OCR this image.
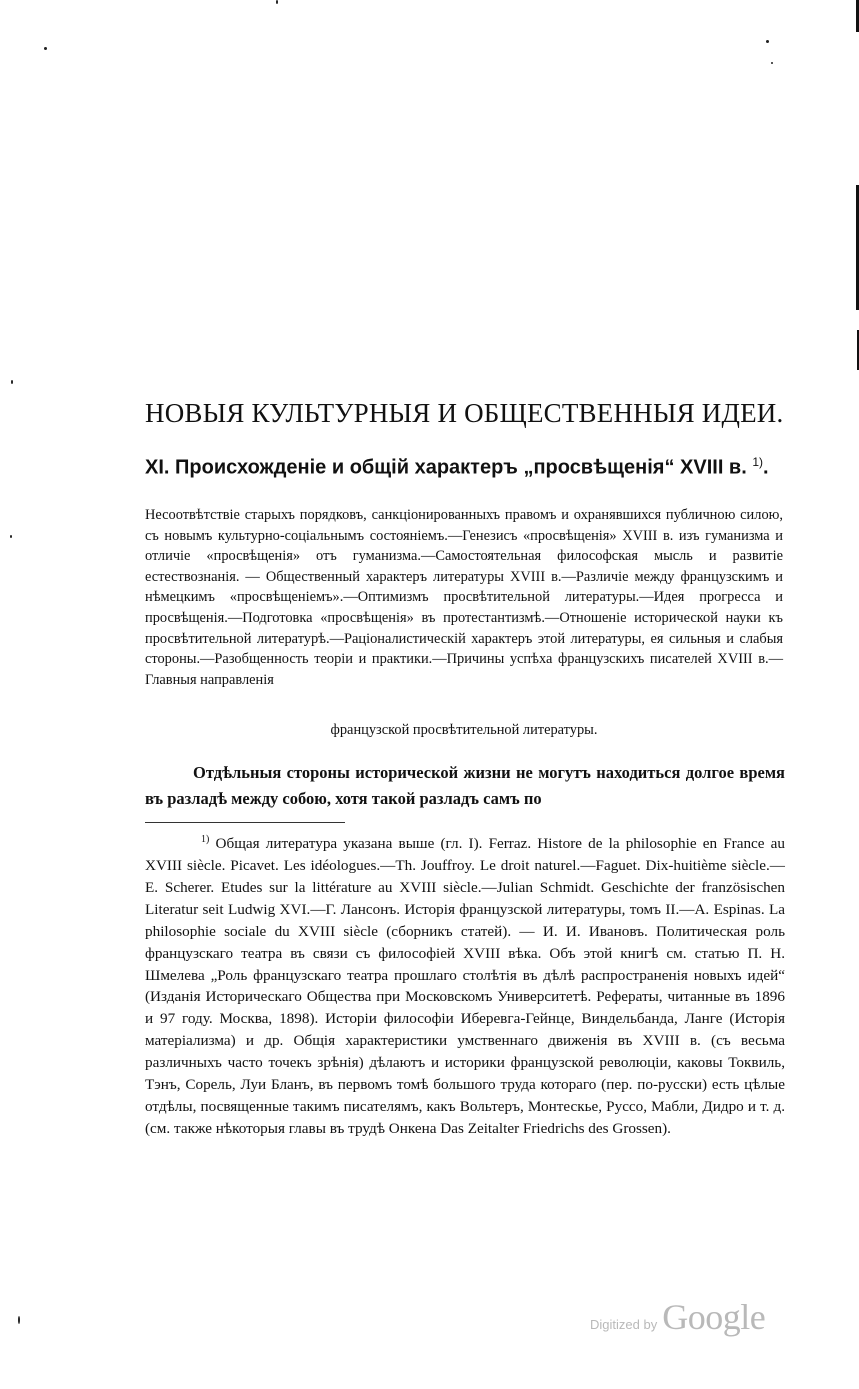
НОВЫЯ КУЛЬТУРНЫЯ И ОБЩЕСТВЕННЫЯ ИДЕИ.
XI. Происхожденіе и общій характеръ „просвѣщенія“ XVIII в. $^{1)}$.

Несоотвѣтствіе старыхъ порядковъ, санкціонированныхъ правомъ и охранявшихся публичною силою, съ новымъ культурно-соціальнымъ состояніемъ.—Генезисъ «просвѣщенія» XVIII в. изъ гуманизма и отличіе «просвѣщенія» отъ гуманизма.—Самостоятельная философская мысль и развитіе естествознанія. — Общественный характеръ литературы XVIII в.—Различіе между французскимъ и нѣмецкимъ «просвѣщеніемъ».—Оптимизмъ просвѣтительной литературы.—Идея прогресса и просвѣщенія.—Подготовка «просвѣщенія» въ протестантизмѣ.—Отношеніе исторической науки къ просвѣтительной литературѣ.—Раціоналистическій характеръ этой литературы, ея сильныя и слабыя стороны.—Разобщенность теоріи и практики.—Причины успѣха французскихъ писателей XVIII в.—Главныя направленія

французской просвѣтительной литературы.

Отдѣльныя стороны исторической жизни не могутъ находиться долгое время въ разладѣ между собою, хотя такой разладъ самъ по

$^{1)}$ Общая литература указана выше (гл. I). Ferraz. Histore de la philosophie en France au XVIII siècle. Picavet. Les idéologues.—Th. Jouffroy. Le droit naturel.—Faguet. Dix-huitième siècle.—E. Scherer. Etudes sur la littérature au XVIII siècle.—Julian Schmidt. Geschichte der französischen Literatur seit Ludwig XVI.—Г. Лансонъ. Исторія французской литературы, томъ II.—A. Espinas. La philosophie sociale du XVIII siècle (сборникъ статей). — И. И. Ивановъ. Политическая роль французскаго театра въ связи съ философіей XVIII вѣка. Объ этой книгѣ см. статью П. Н. Шмелева „Роль французскаго театра прошлаго столѣтія въ дѣлѣ распространенія новыхъ идей“ (Изданія Историческаго Общества при Московскомъ Университетѣ. Рефераты, читанные въ 1896 и 97 году. Москва, 1898). Исторіи философіи Иберевга-Гейнце, Виндельбанда, Ланге (Исторія матеріализма) и др. Общія характеристики умственнаго движенія въ XVIII в. (съ весьма различныхъ часто точекъ зрѣнія) дѣлаютъ и историки французской революціи, каковы Токвиль, Тэнъ, Сорель, Луи Бланъ, въ первомъ томѣ большого труда котораго (пер. по-русски) есть цѣлые отдѣлы, посвященные такимъ писателямъ, какъ Вольтеръ, Монтескье, Руссо, Мабли, Дидро и т. д. (см. также нѣкоторыя главы въ трудѣ Онкена Das Zeitalter Friedrichs des Grossen).

Digitized by Google
